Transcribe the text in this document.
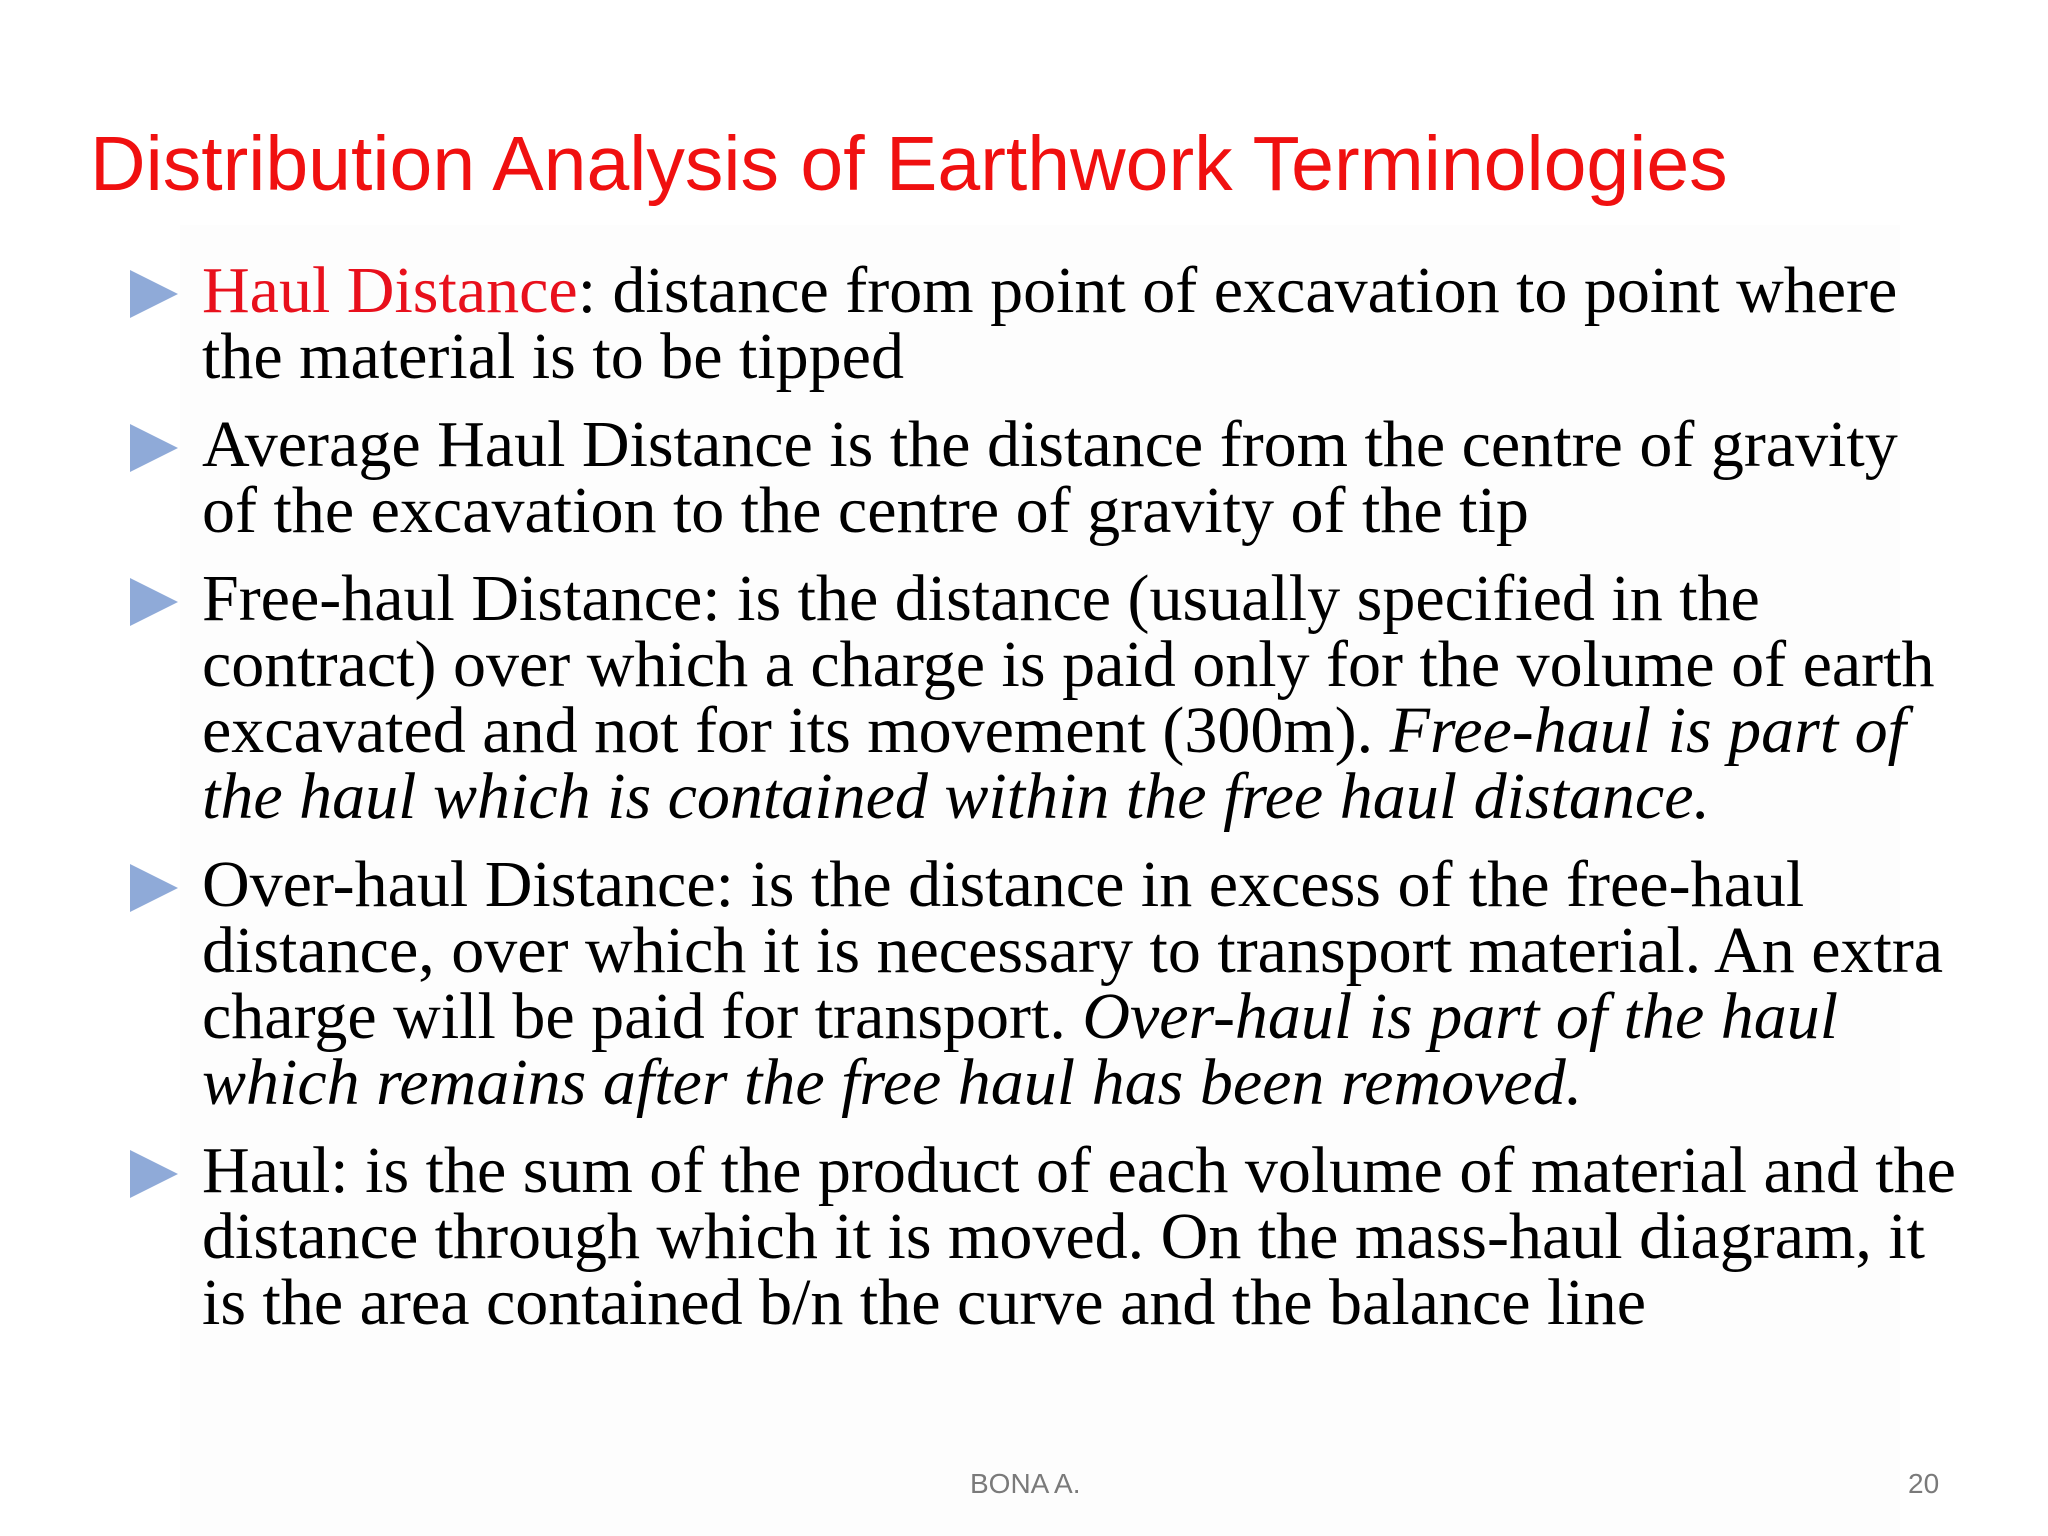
Distribution Analysis of Earthwork Terminologies
Haul Distance: distance from point of excavation to point where the material is to be tipped
Average Haul Distance is the distance from the centre of gravity of the excavation to the centre of gravity of the tip
Free-haul Distance: is the distance (usually specified in the contract) over which a charge is paid only for the volume of earth excavated and not for its movement (300m). Free-haul is part of the haul which is contained within the free haul distance.
Over-haul Distance: is the distance in excess of the free-haul distance, over which it is necessary to transport material. An extra charge will be paid for transport. Over-haul is part of the haul which remains after the free haul has been removed.
Haul: is the sum of the product of each volume of material and the distance through which it is moved. On the mass-haul diagram, it is the area contained b/n the curve and the balance line
BONA A.	20
